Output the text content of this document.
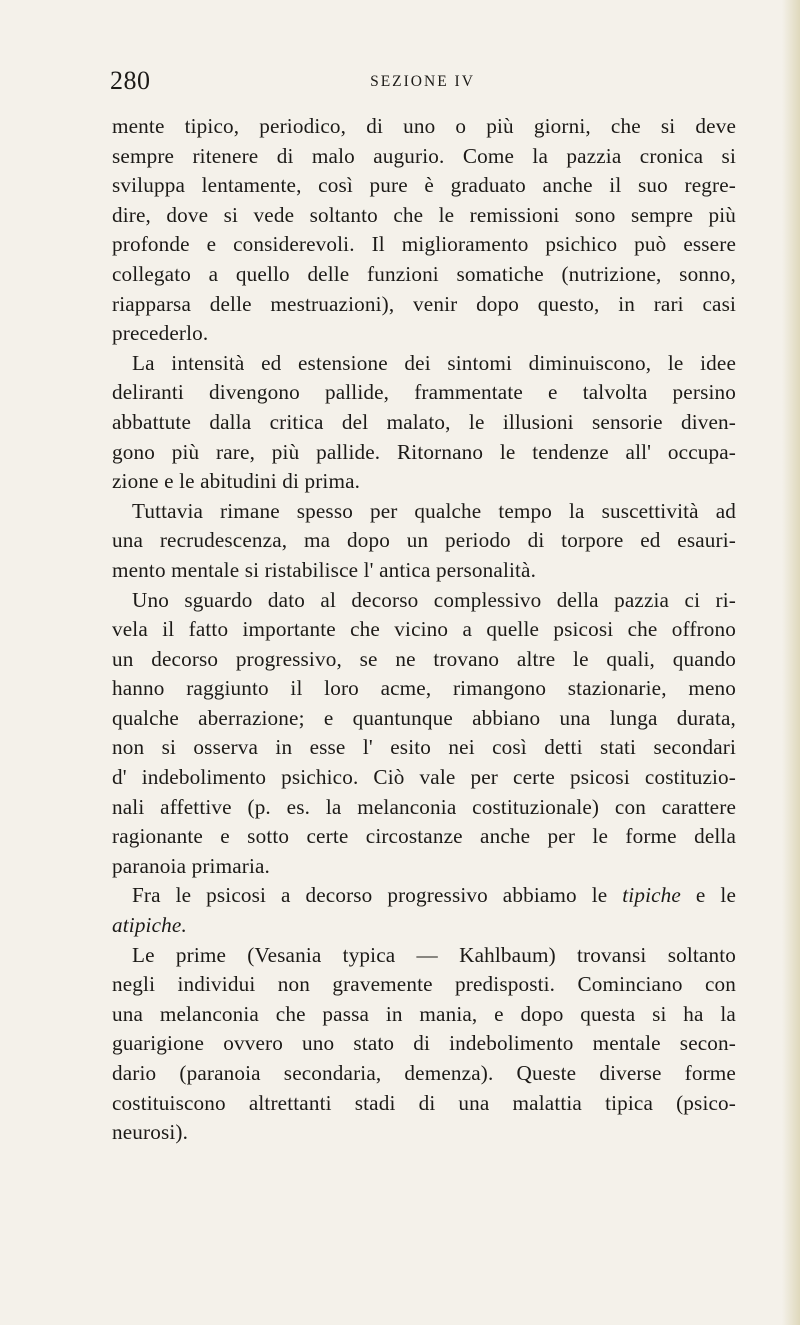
280	SEZIONE IV
mente tipico, periodico, di uno o più giorni, che si deve
sempre ritenere di malo augurio. Come la pazzia cronica si
sviluppa lentamente, così pure è graduato anche il suo regre-
dire, dove si vede soltanto che le remissioni sono sempre più
profonde e considerevoli. Il miglioramento psichico può essere
collegato a quello delle funzioni somatiche (nutrizione, sonno,
riapparsa delle mestruazioni), venir dopo questo, in rari casi
precederlo.
La intensità ed estensione dei sintomi diminuiscono, le idee
deliranti divengono pallide, frammentate e talvolta persino
abbattute dalla critica del malato, le illusioni sensorie diven-
gono più rare, più pallide. Ritornano le tendenze all' occupa-
zione e le abitudini di prima.
Tuttavia rimane spesso per qualche tempo la suscettività ad
una recrudescenza, ma dopo un periodo di torpore ed esauri-
mento mentale si ristabilisce l' antica personalità.
Uno sguardo dato al decorso complessivo della pazzia ci ri-
vela il fatto importante che vicino a quelle psicosi che offrono
un decorso progressivo, se ne trovano altre le quali, quando
hanno raggiunto il loro acme, rimangono stazionarie, meno
qualche aberrazione; e quantunque abbiano una lunga durata,
non si osserva in esse l' esito nei così detti stati secondari
d' indebolimento psichico. Ciò vale per certe psicosi costituzio-
nali affettive (p. es. la melanconia costituzionale) con carattere
ragionante e sotto certe circostanze anche per le forme della
paranoia primaria.
Fra le psicosi a decorso progressivo abbiamo le tipiche e le
atipiche.
Le prime (Vesania typica — Kahlbaum) trovansi soltanto
negli individui non gravemente predisposti. Cominciano con
una melanconia che passa in mania, e dopo questa si ha la
guarigione ovvero uno stato di indebolimento mentale secon-
dario (paranoia secondaria, demenza). Queste diverse forme
costituiscono altrettanti stadi di una malattia tipica (psico-
neurosi).
